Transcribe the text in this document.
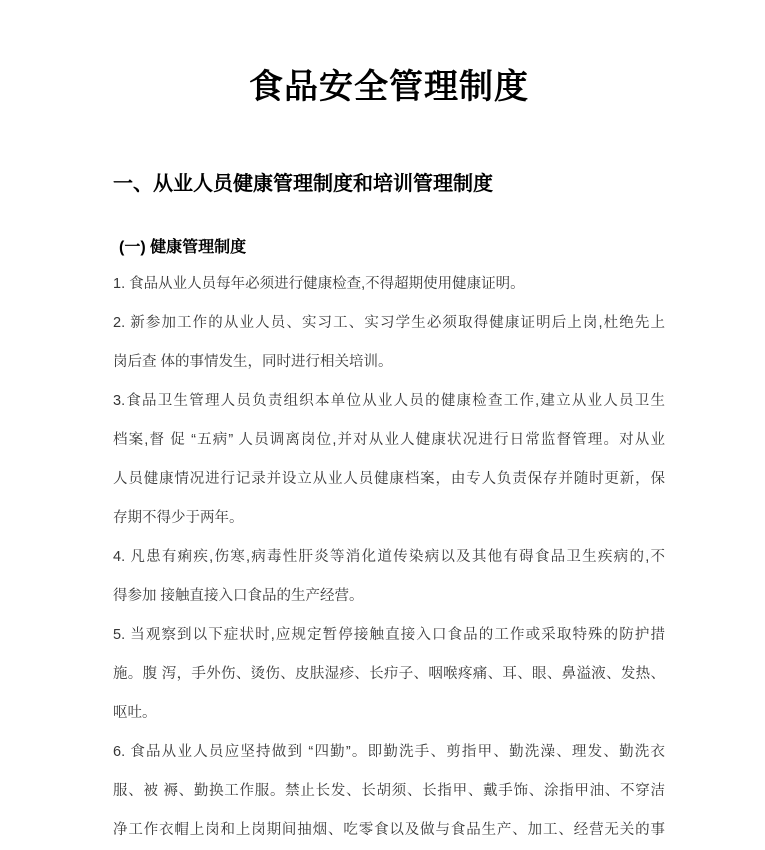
食品安全管理制度
一、从业人员健康管理制度和培训管理制度
(一) 健康管理制度
1. 食品从业人员每年必须进行健康检查,不得超期使用健康证明。
2. 新参加工作的从业人员、实习工、实习学生必须取得健康证明后上岗,杜绝先上
岗后查 体的事情发生，同时进行相关培训。
3.食品卫生管理人员负责组织本单位从业人员的健康检查工作,建立从业人员卫生
档案,督 促 “五病” 人员调离岗位,并对从业人健康状况进行日常监督管理。对从业
人员健康情况进行记录并设立从业人员健康档案，由专人负责保存并随时更新，保
存期不得少于两年。
4. 凡患有痢疾,伤寒,病毒性肝炎等消化道传染病以及其他有碍食品卫生疾病的,不
得参加 接触直接入口食品的生产经营。
5. 当观察到以下症状时,应规定暂停接触直接入口食品的工作或采取特殊的防护措
施。腹 泻，手外伤、烫伤、皮肤湿疹、长疖子、咽喉疼痛、耳、眼、鼻溢液、发热、
呕吐。
6. 食品从业人员应坚持做到 “四勤”。即勤洗手、剪指甲、勤洗澡、理发、勤洗衣
服、被 褥、勤换工作服。禁止长发、长胡须、长指甲、戴手饰、涂指甲油、不穿洁
净工作衣帽上岗和上岗期间抽烟、吃零食以及做与食品生产、加工、经营无关的事
